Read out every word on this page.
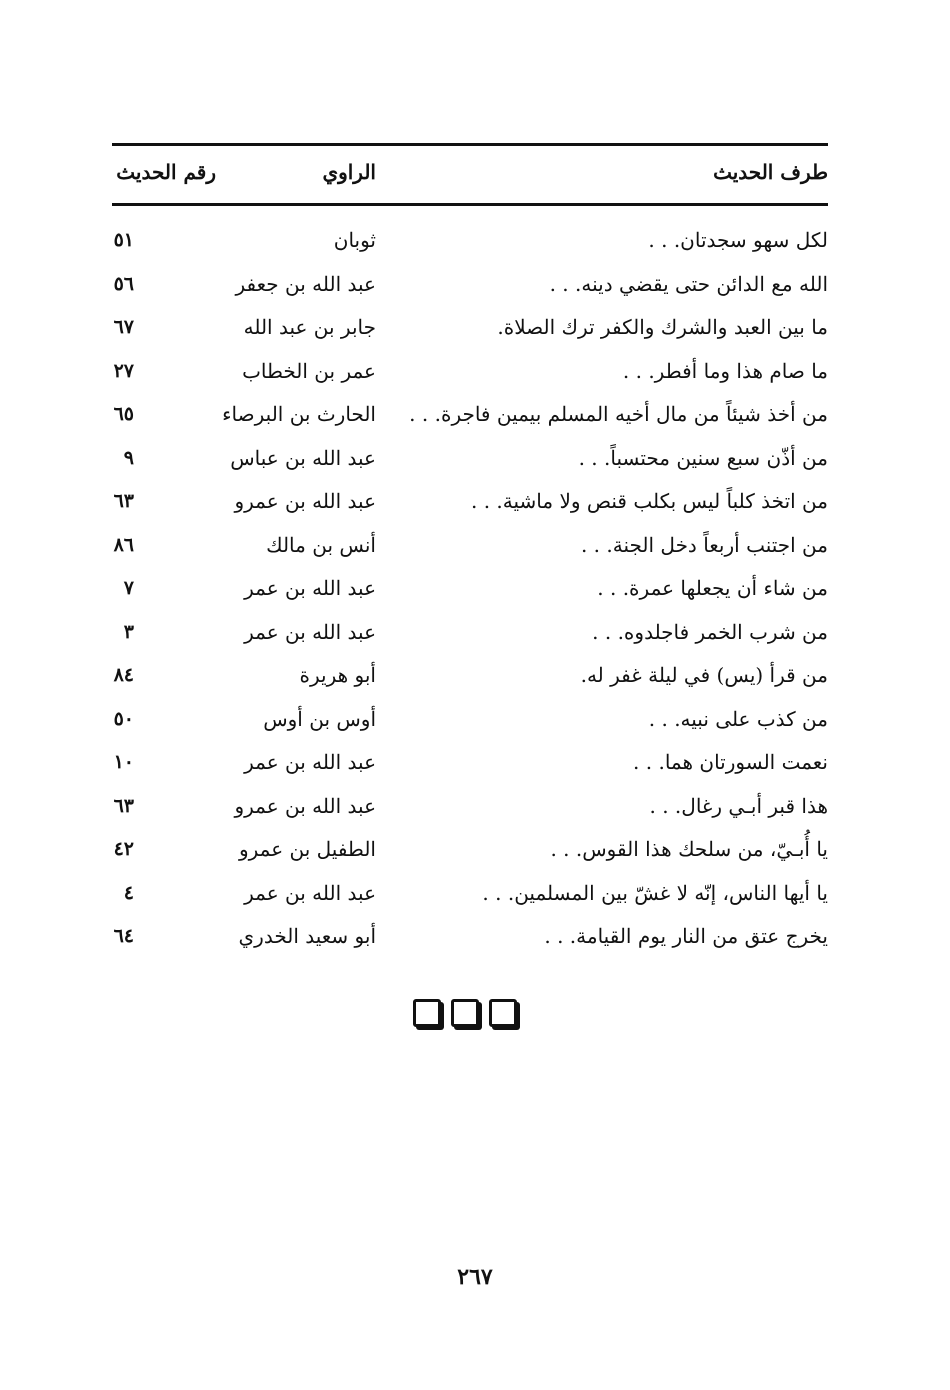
طرف الحديث
الراوي
رقم الحديث
لكل سهو سجدتان. . .
ثوبان
٥١
الله مع الدائن حتى يقضي دينه. . .
عبد الله بن جعفر
٥٦
ما بين العبد والشرك والكفر ترك الصلاة.
جابر بن عبد الله
٦٧
ما صام هذا وما أفطر. . .
عمر بن الخطاب
٢٧
من أخذ شيئاً من مال أخيه المسلم بيمين فاجرة. . .
الحارث بن البرصاء
٦٥
من أذّن سبع سنين محتسباً. . .
عبد الله بن عباس
٩
من اتخذ كلباً ليس بكلب قنص ولا ماشية. . .
عبد الله بن عمرو
٦٣
من اجتنب أربعاً دخل الجنة. . .
أنس بن مالك
٨٦
من شاء أن يجعلها عمرة. . .
عبد الله بن عمر
٧
من شرب الخمر فاجلدوه. . .
عبد الله بن عمر
٣
من قرأ (يس) في ليلة غفر له.
أبو هريرة
٨٤
من كذب على نبيه. . .
أوس بن أوس
٥٠
نعمت السورتان هما. . .
عبد الله بن عمر
١٠
هذا قبر أبـي رغال. . .
عبد الله بن عمرو
٦٣
يا أُبـيّ، من سلحك هذا القوس. . .
الطفيل بن عمرو
٤٢
يا أيها الناس، إنّه لا غشّ بين المسلمين. . .
عبد الله بن عمر
٤
يخرج عتق من النار يوم القيامة. . .
أبو سعيد الخدري
٦٤
٢٦٧
